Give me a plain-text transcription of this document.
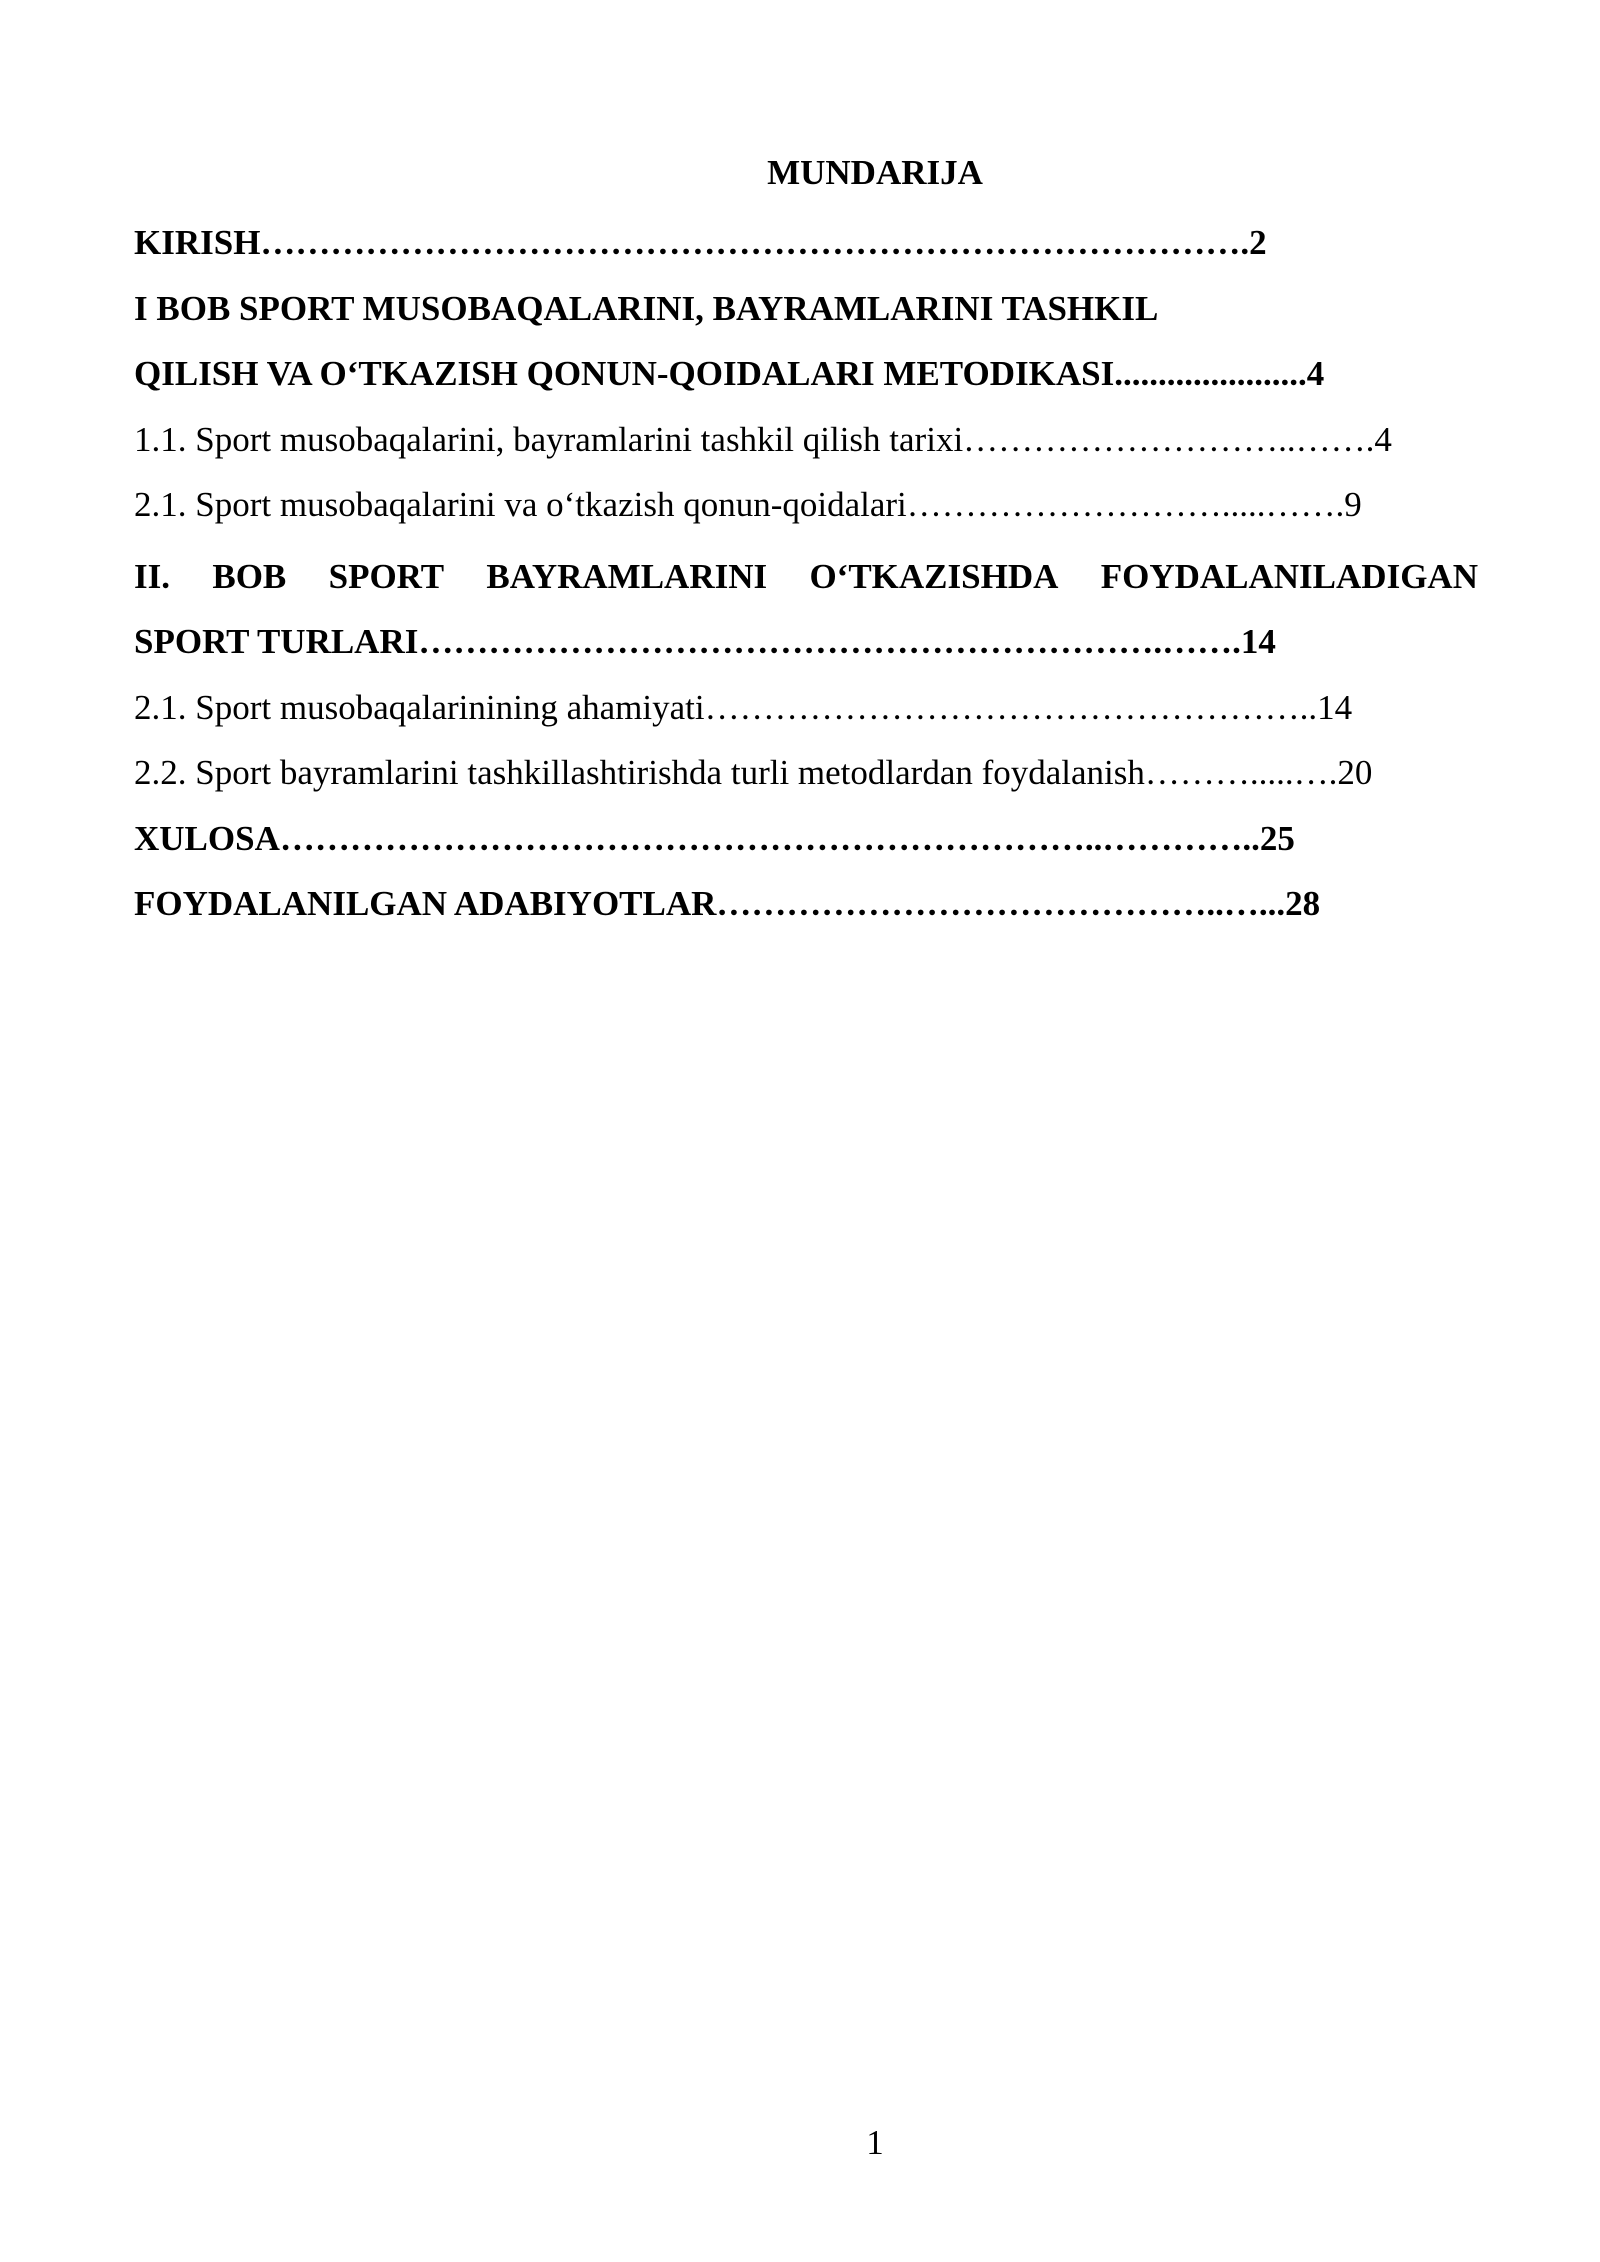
MUNDARIJA
KIRISH………………………………………………………………………….2
I BOB SPORT MUSOBAQALARINI, BAYRAMLARINI TASHKIL
QILISH VA O‘TKAZISH QONUN-QOIDALARI METODIKASI......................4
1.1. Sport musobaqalarini, bayramlarini tashkil qilish tarixi………………………..…….4
2.1. Sport musobaqalarini va o‘tkazish qonun-qoidalari……………………….....…….9
II. BOB SPORT BAYRAMLARINI O‘TKAZISHDA FOYDALANILADIGAN
SPORT TURLARI……………………………………………………….…….14
2.1. Sport musobaqalarinining ahamiyati……………………………………………..14
2.2. Sport bayramlarini tashkillashtirishda turli metodlardan foydalanish……….....….20
XULOSA……………………………………………………………..…………..25
FOYDALANILGAN ADABIYOTLAR……………………………………..…...28
1
